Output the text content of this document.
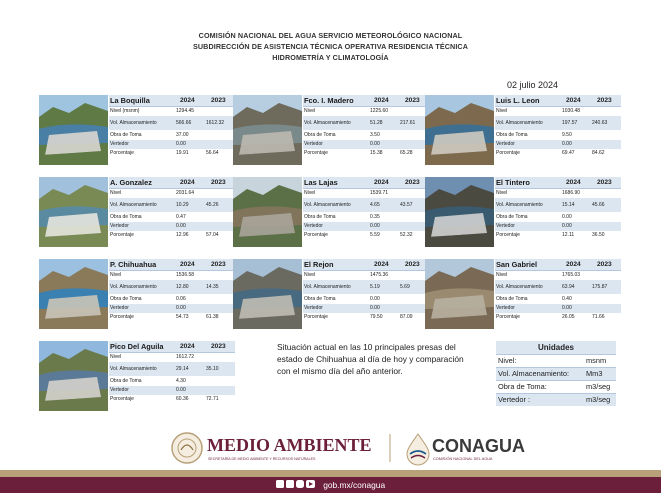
COMISIÓN NACIONAL DEL AGUA SERVICIO METEOROLÓGICO NACIONAL
SUBDIRECCIÓN DE ASISTENCIA TÉCNICA OPERATIVA RESIDENCIA TÉCNICA
HIDROMETRÍA Y CLIMATOLOGÍA
02 julio 2024
La Boquilla	2024 2023
Nivel (msnm)	1294.45
Vol. Almacenamiento	566.66	1612.32
Obra de Toma	37.00
Vertedor	0.00
Porcentaje	19.91	56.64
Fco. I. Madero	2024 2023
Nivel	1225.60
Vol. Almacenamiento	51.28	217.61
Obra de Toma	3.50
Vertedor	0.00
Porcentaje	15.38	65.28
Luis L. Leon	2024 2023
Nivel	1030.48
Vol. Almacenamiento	197.57	240.63
Obra de Toma	9.50
Vertedor	0.00
Porcentaje	69.47	84.62
A. Gonzalez	2024 2023
Nivel	2031.64
Vol. Almacenamiento	10.29	45.26
Obra de Toma	0.47
Vertedor	0.00
Porcentaje	12.96	57.04
Las Lajas	2024 2023
Nivel	1539.71
Vol. Almacenamiento	4.65	43.57
Obra de Toma	0.35
Vertedor	0.00
Porcentaje	5.59	52.32
El Tintero	2024 2023
Nivel	1686.90
Vol. Almacenamiento	15.14	45.66
Obra de Toma	0.00
Vertedor	0.00
Porcentaje	12.11	36.50
P. Chihuahua	2024 2023
Nivel	1536.58
Vol. Almacenamiento	12.80	14.35
Obra de Toma	0.06
Vertedor	0.00
Porcentaje	54.73	61.38
El Rejon	2024 2023
Nivel	1475.36
Vol. Almacenamiento	5.19	5.69
Obra de Toma	0.00
Vertedor	0.00
Porcentaje	79.50	87.09
San Gabriel	2024 2023
Nivel	1765.03
Vol. Almacenamiento	63.94	175.87
Obra de Toma	0.40
Vertedor	0.00
Porcentaje	26.05	71.66
Pico Del Aguila 2024 2023
Nivel	1612.72
Vol. Almacenamiento	29.14	35.10
Obra de Toma	4.30
Vertedor	0.00
Porcentaje	60.36	72.71
Situación actual en las 10 principales presas del estado de Chihuahua al día de hoy y comparación con el mismo día del año anterior.
Unidades
Nivel:	msnm
Vol. Almacenamiento: Mm3
Obra de Toma:	m3/seg
Vertedor :	m3/seg
MEDIO AMBIENTE
SECRETARÍA DE MEDIO AMBIENTE Y RECURSOS NATURALES
CONAGUA
COMISIÓN NACIONAL DEL AGUA
gob.mx/conagua
